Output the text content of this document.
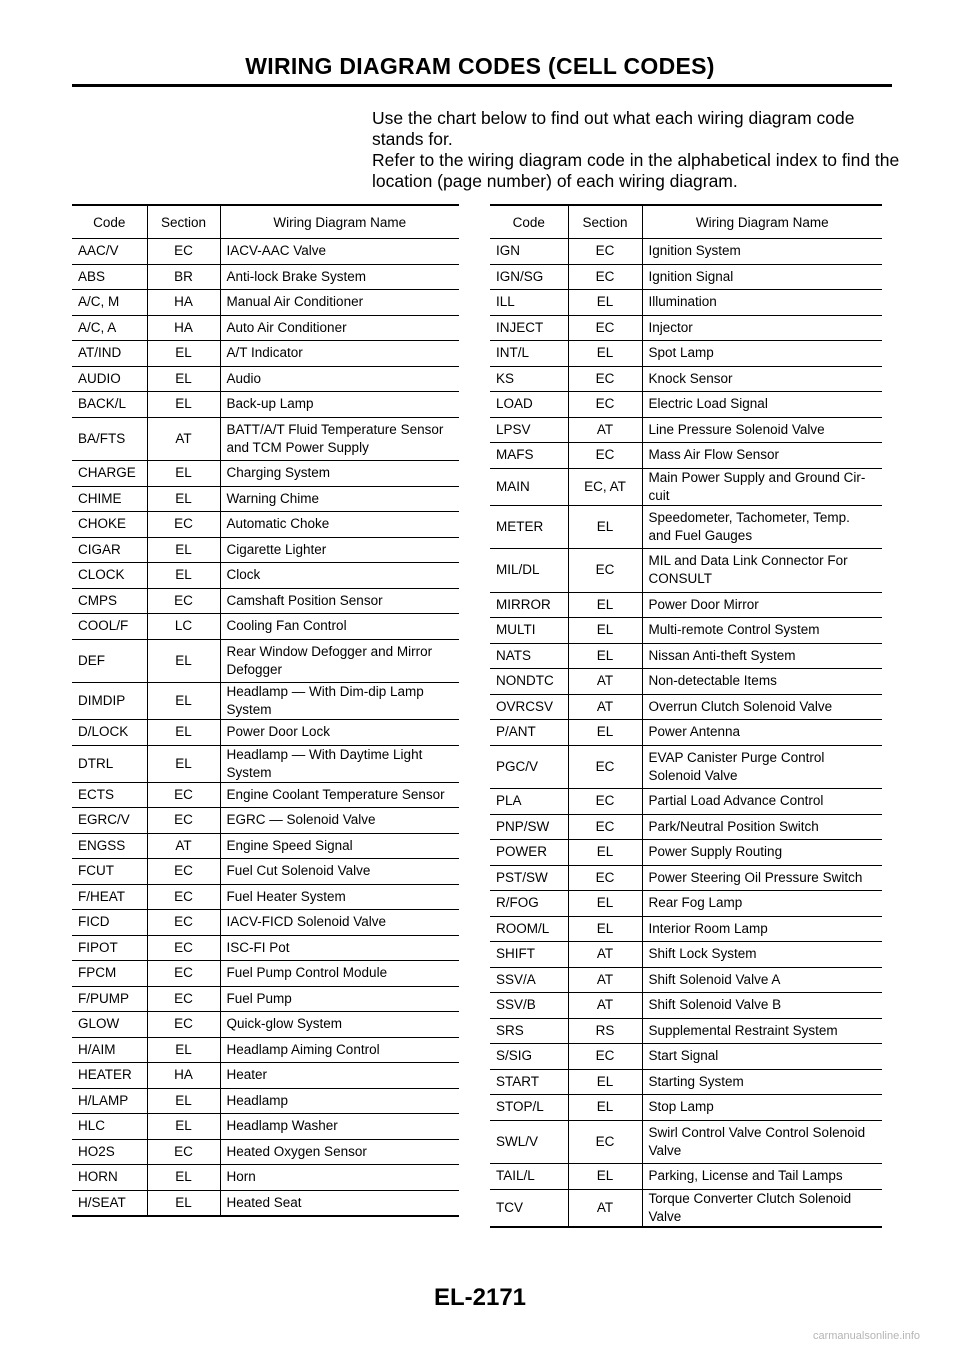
WIRING DIAGRAM CODES (CELL CODES)

Use the chart below to find out what each wiring diagram code stands for.

Refer to the wiring diagram code in the alphabetical index to find the location (page number) of each wiring diagram.

Code	Section	Wiring Diagram Name
AAC/V	EC	IACV-AAC Valve
ABS	BR	Anti-lock Brake System
A/C, M	HA	Manual Air Conditioner
A/C, A	HA	Auto Air Conditioner
AT/IND	EL	A/T Indicator
AUDIO	EL	Audio
BACK/L	EL	Back-up Lamp
BA/FTS	AT	BATT/A/T Fluid Temperature Sensor and TCM Power Supply
CHARGE	EL	Charging System
CHIME	EL	Warning Chime
CHOKE	EC	Automatic Choke
CIGAR	EL	Cigarette Lighter
CLOCK	EL	Clock
CMPS	EC	Camshaft Position Sensor
COOL/F	LC	Cooling Fan Control
DEF	EL	Rear Window Defogger and Mirror Defogger
DIMDIP	EL	Headlamp — With Dim-dip Lamp System
D/LOCK	EL	Power Door Lock
DTRL	EL	Headlamp — With Daytime Light System
ECTS	EC	Engine Coolant Temperature Sensor
EGRC/V	EC	EGRC — Solenoid Valve
ENGSS	AT	Engine Speed Signal
FCUT	EC	Fuel Cut Solenoid Valve
F/HEAT	EC	Fuel Heater System
FICD	EC	IACV-FICD Solenoid Valve
FIPOT	EC	ISC-FI Pot
FPCM	EC	Fuel Pump Control Module
F/PUMP	EC	Fuel Pump
GLOW	EC	Quick-glow System
H/AIM	EL	Headlamp Aiming Control
HEATER	HA	Heater
H/LAMP	EL	Headlamp
HLC	EL	Headlamp Washer
HO2S	EC	Heated Oxygen Sensor
HORN	EL	Horn
H/SEAT	EL	Heated Seat
Code	Section	Wiring Diagram Name
IGN	EC	Ignition System
IGN/SG	EC	Ignition Signal
ILL	EL	Illumination
INJECT	EC	Injector
INT/L	EL	Spot Lamp
KS	EC	Knock Sensor
LOAD	EC	Electric Load Signal
LPSV	AT	Line Pressure Solenoid Valve
MAFS	EC	Mass Air Flow Sensor
MAIN	EC, AT	Main Power Supply and Ground Cir- cuit
METER	EL	Speedometer, Tachometer, Temp. and Fuel Gauges
MIL/DL	EC	MIL and Data Link Connector For CONSULT
MIRROR	EL	Power Door Mirror
MULTI	EL	Multi-remote Control System
NATS	EL	Nissan Anti-theft System
NONDTC	AT	Non-detectable Items
OVRCSV	AT	Overrun Clutch Solenoid Valve
P/ANT	EL	Power Antenna
PGC/V	EC	EVAP Canister Purge Control Solenoid Valve
PLA	EC	Partial Load Advance Control
PNP/SW	EC	Park/Neutral Position Switch
POWER	EL	Power Supply Routing
PST/SW	EC	Power Steering Oil Pressure Switch
R/FOG	EL	Rear Fog Lamp
ROOM/L	EL	Interior Room Lamp
SHIFT	AT	Shift Lock System
SSV/A	AT	Shift Solenoid Valve A
SSV/B	AT	Shift Solenoid Valve B
SRS	RS	Supplemental Restraint System
S/SIG	EC	Start Signal
START	EL	Starting System
STOP/L	EL	Stop Lamp
SWL/V	EC	Swirl Control Valve Control Solenoid Valve
TAIL/L	EL	Parking, License and Tail Lamps
TCV	AT	Torque Converter Clutch Solenoid Valve
EL-2171
carmanualsonline.info
